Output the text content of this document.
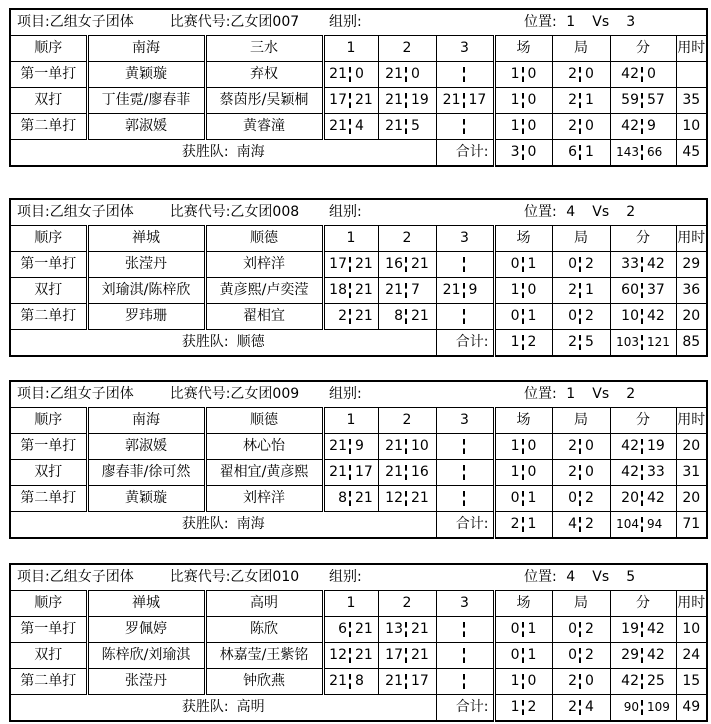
项目:乙组女子团体 比赛代号:乙女团007			组别:			位置: 1 Vs 3			
顺序	南海	三水	1	2	3	场	局	分	用时
第一单打	黄颖璇	弃权	21 0	21 0		1 0	2 0	42 0	

双打	丁佳霓/廖春菲	蔡茵彤/吴颖桐	17 21	21 19	21 17	1 0	2 1	59 57	35
第二单打	郭淑媛	黄睿潼	21 4	21 5		1 0	2 0	42 9	10
获胜队: 南海					合计:	3 0	6 1	143 66	45
项目:乙组女子团体 比赛代号:乙女团008			组别:			位置: 4 Vs 2			
顺序	禅城	顺德	1	2	3	场	局	分	用时
第一单打	张滢丹	刘梓洋	17 21	16 21		0 1	0 2	33 42	29
双打	刘瑜淇/陈梓欣	黄彦熙/卢奕滢	18 21	21 7	21 9	1 0	2 1	60 37	36
第二单打	罗玮珊	翟相宜	2 21	8 21		0 1	0 2	10 42	20
获胜队: 顺德					合计:	1 2	2 5	103 121	85
项目:乙组女子团体 比赛代号:乙女团009			组别:			位置: 1 Vs 2			
顺序	南海	顺德	1	2	3	场	局	分	用时
第一单打	郭淑媛	林心怡	21 9	21 10		1 0	2 0	42 19	20
双打	廖春菲/徐可然	翟相宜/黄彦熙	21 17	21 16		1 0	2 0	42 33	31
第二单打	黄颖璇	刘梓洋	8 21	12 21		0 1	0 2	20 42	20
获胜队: 南海					合计:	2 1	4 2	104 94	71
项目:乙组女子团体 比赛代号:乙女团010			组别:			位置: 4 Vs 5			
顺序	禅城	高明	1	2	3	场	局	分	用时
第一单打	罗佩婷	陈欣	6 21	13 21		0 1	0 2	19 42	10
双打	陈梓欣/刘瑜淇	林嘉莹/王紫铭	12 21	17 21		0 1	0 2	29 42	24
第二单打	张滢丹	钟欣燕	21 8	21 17		1 0	2 0	42 25	15
获胜队: 高明					合计:	1 2	2 4	90 109	49
